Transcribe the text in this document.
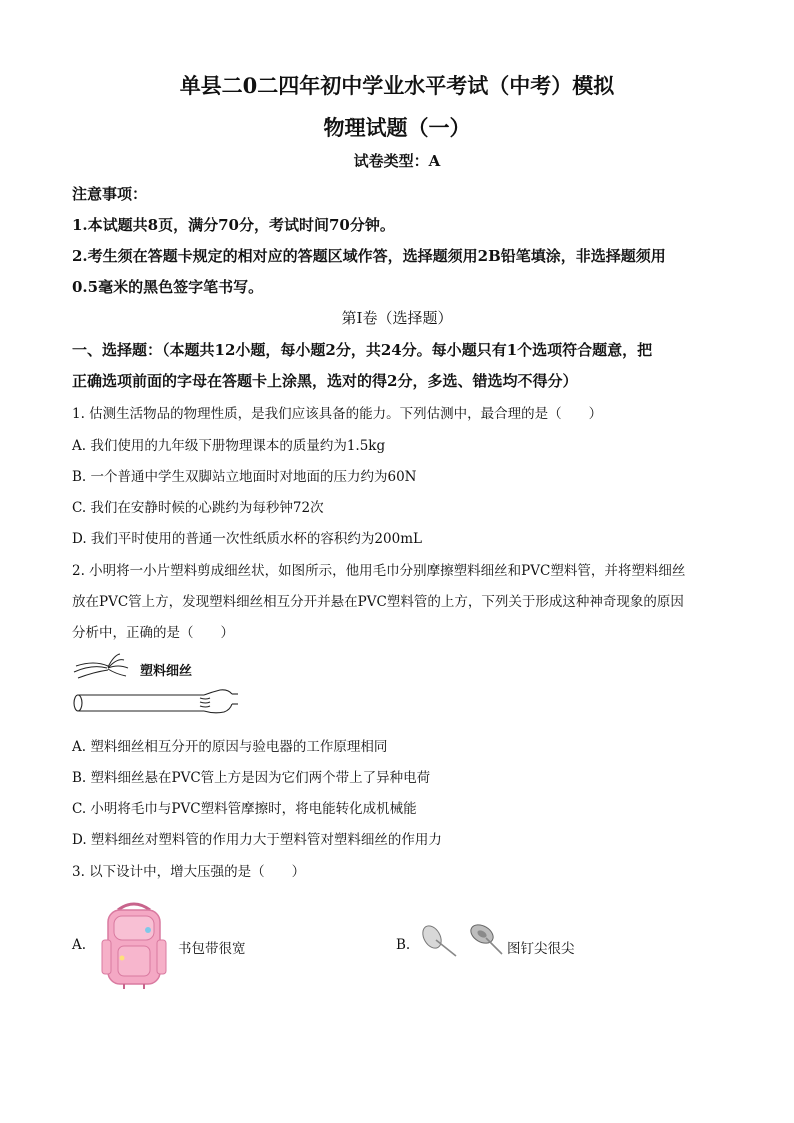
单县二0二四年初中学业水平考试（中考）模拟
物理试题（一）
试卷类型：A
注意事项：
1.本试题共8页，满分70分，考试时间70分钟。
2.考生须在答题卡规定的相对应的答题区域作答，选择题须用2B铅笔填涂，非选择题须用
0.5毫米的黑色签字笔书写。
第Ⅰ卷（选择题）
一、选择题：（本题共12小题，每小题2分，共24分。每小题只有1个选项符合题意，把
正确选项前面的字母在答题卡上涂黑，选对的得2分，多选、错选均不得分）
1. 估测生活物品的物理性质，是我们应该具备的能力。下列估测中，最合理的是（　　）
A. 我们使用的九年级下册物理课本的质量约为1.5kg
B. 一个普通中学生双脚站立地面时对地面的压力约为60N
C. 我们在安静时候的心跳约为每秒钟72次
D. 我们平时使用的普通一次性纸质水杯的容积约为200mL
2. 小明将一小片塑料剪成细丝状，如图所示，他用毛巾分别摩擦塑料细丝和PVC塑料管，并将塑料细丝
放在PVC管上方，发现塑料细丝相互分开并悬在PVC塑料管的上方，下列关于形成这种神奇现象的原因
分析中，正确的是（　　）
塑料细丝
A. 塑料细丝相互分开的原因与验电器的工作原理相同
B. 塑料细丝悬在PVC管上方是因为它们两个带上了异种电荷
C. 小明将毛巾与PVC塑料管摩擦时，将电能转化成机械能
D. 塑料细丝对塑料管的作用力大于塑料管对塑料细丝的作用力
3. 以下设计中，增大压强的是（　　）
A.	书包带很宽	B.	图钉尖很尖
